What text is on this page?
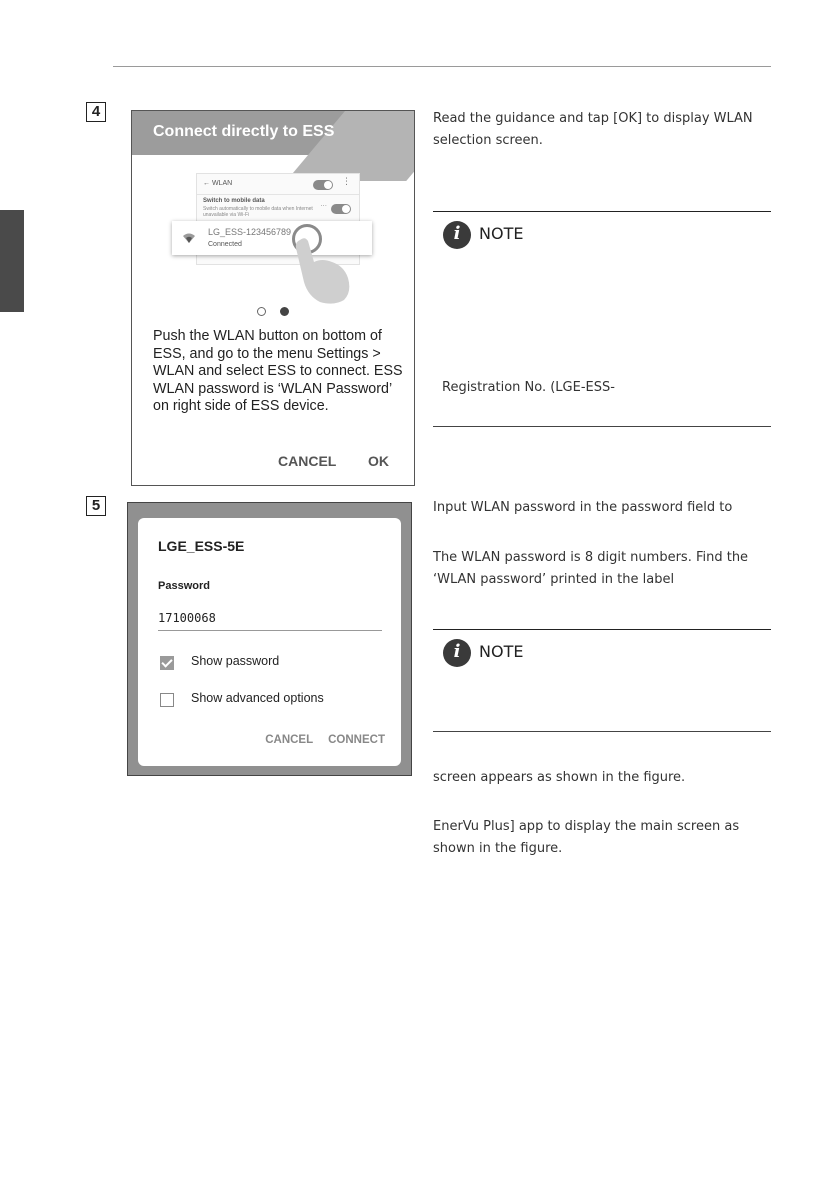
4
Connect directly to ESS
← WLAN	⋮
Switch to mobile data
Switch automatically to mobile data when Internet unavailable via Wi-Fi
···
LG_ESS-123456789
Connected

Push the WLAN button on bottom of ESS, and go to the menu Settings > WLAN and select ESS to connect. ESS WLAN password is ‘WLAN Password’ on right side of ESS device.

CANCEL OK

Read the guidance and tap [OK] to display WLAN selection screen.

i	NOTE

Registration No. (LGE-ESS-

5
LGE_ESS-5E
Password
17100068
Show password
Show advanced options
CANCEL CONNECT

Input WLAN password in the password field to

The WLAN password is 8 digit numbers. Find the ‘WLAN password’ printed in the label

i	NOTE

screen appears as shown in the figure.

EnerVu Plus] app to display the main screen as shown in the figure.
